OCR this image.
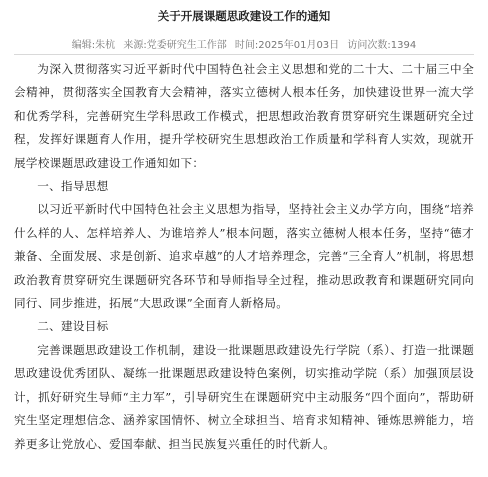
关于开展课题思政建设工作的通知
编辑:朱杭 来源:党委研究生工作部 时间:2025年01月03日 访问次数:1394

为深入贯彻落实习近平新时代中国特色社会主义思想和党的二十大、二十届三中全会精神，贯彻落实全国教育大会精神，落实立德树人根本任务，加快建设世界一流大学和优秀学科，完善研究生学科思政工作模式，把思想政治教育贯穿研究生课题研究全过程，发挥好课题育人作用，提升学校研究生思想政治工作质量和学科育人实效，现就开展学校课题思政建设工作通知如下：

一、指导思想

以习近平新时代中国特色社会主义思想为指导，坚持社会主义办学方向，围绕“培养什么样的人、怎样培养人、为谁培养人”根本问题，落实立德树人根本任务，坚持“德才兼备、全面发展、求是创新、追求卓越”的人才培养理念，完善“三全育人”机制，将思想政治教育贯穿研究生课题研究各环节和导师指导全过程，推动思政教育和课题研究同向同行、同步推进，拓展“大思政课”全面育人新格局。

二、建设目标

完善课题思政建设工作机制，建设一批课题思政建设先行学院（系）、打造一批课题思政建设优秀团队、凝练一批课题思政建设特色案例，切实推动学院（系）加强顶层设计，抓好研究生导师“主力军”，引导研究生在课题研究中主动服务“四个面向”，帮助研究生坚定理想信念、涵养家国情怀、树立全球担当、培育求知精神、锤炼思辨能力，培养更多让党放心、爱国奉献、担当民族复兴重任的时代新人。
